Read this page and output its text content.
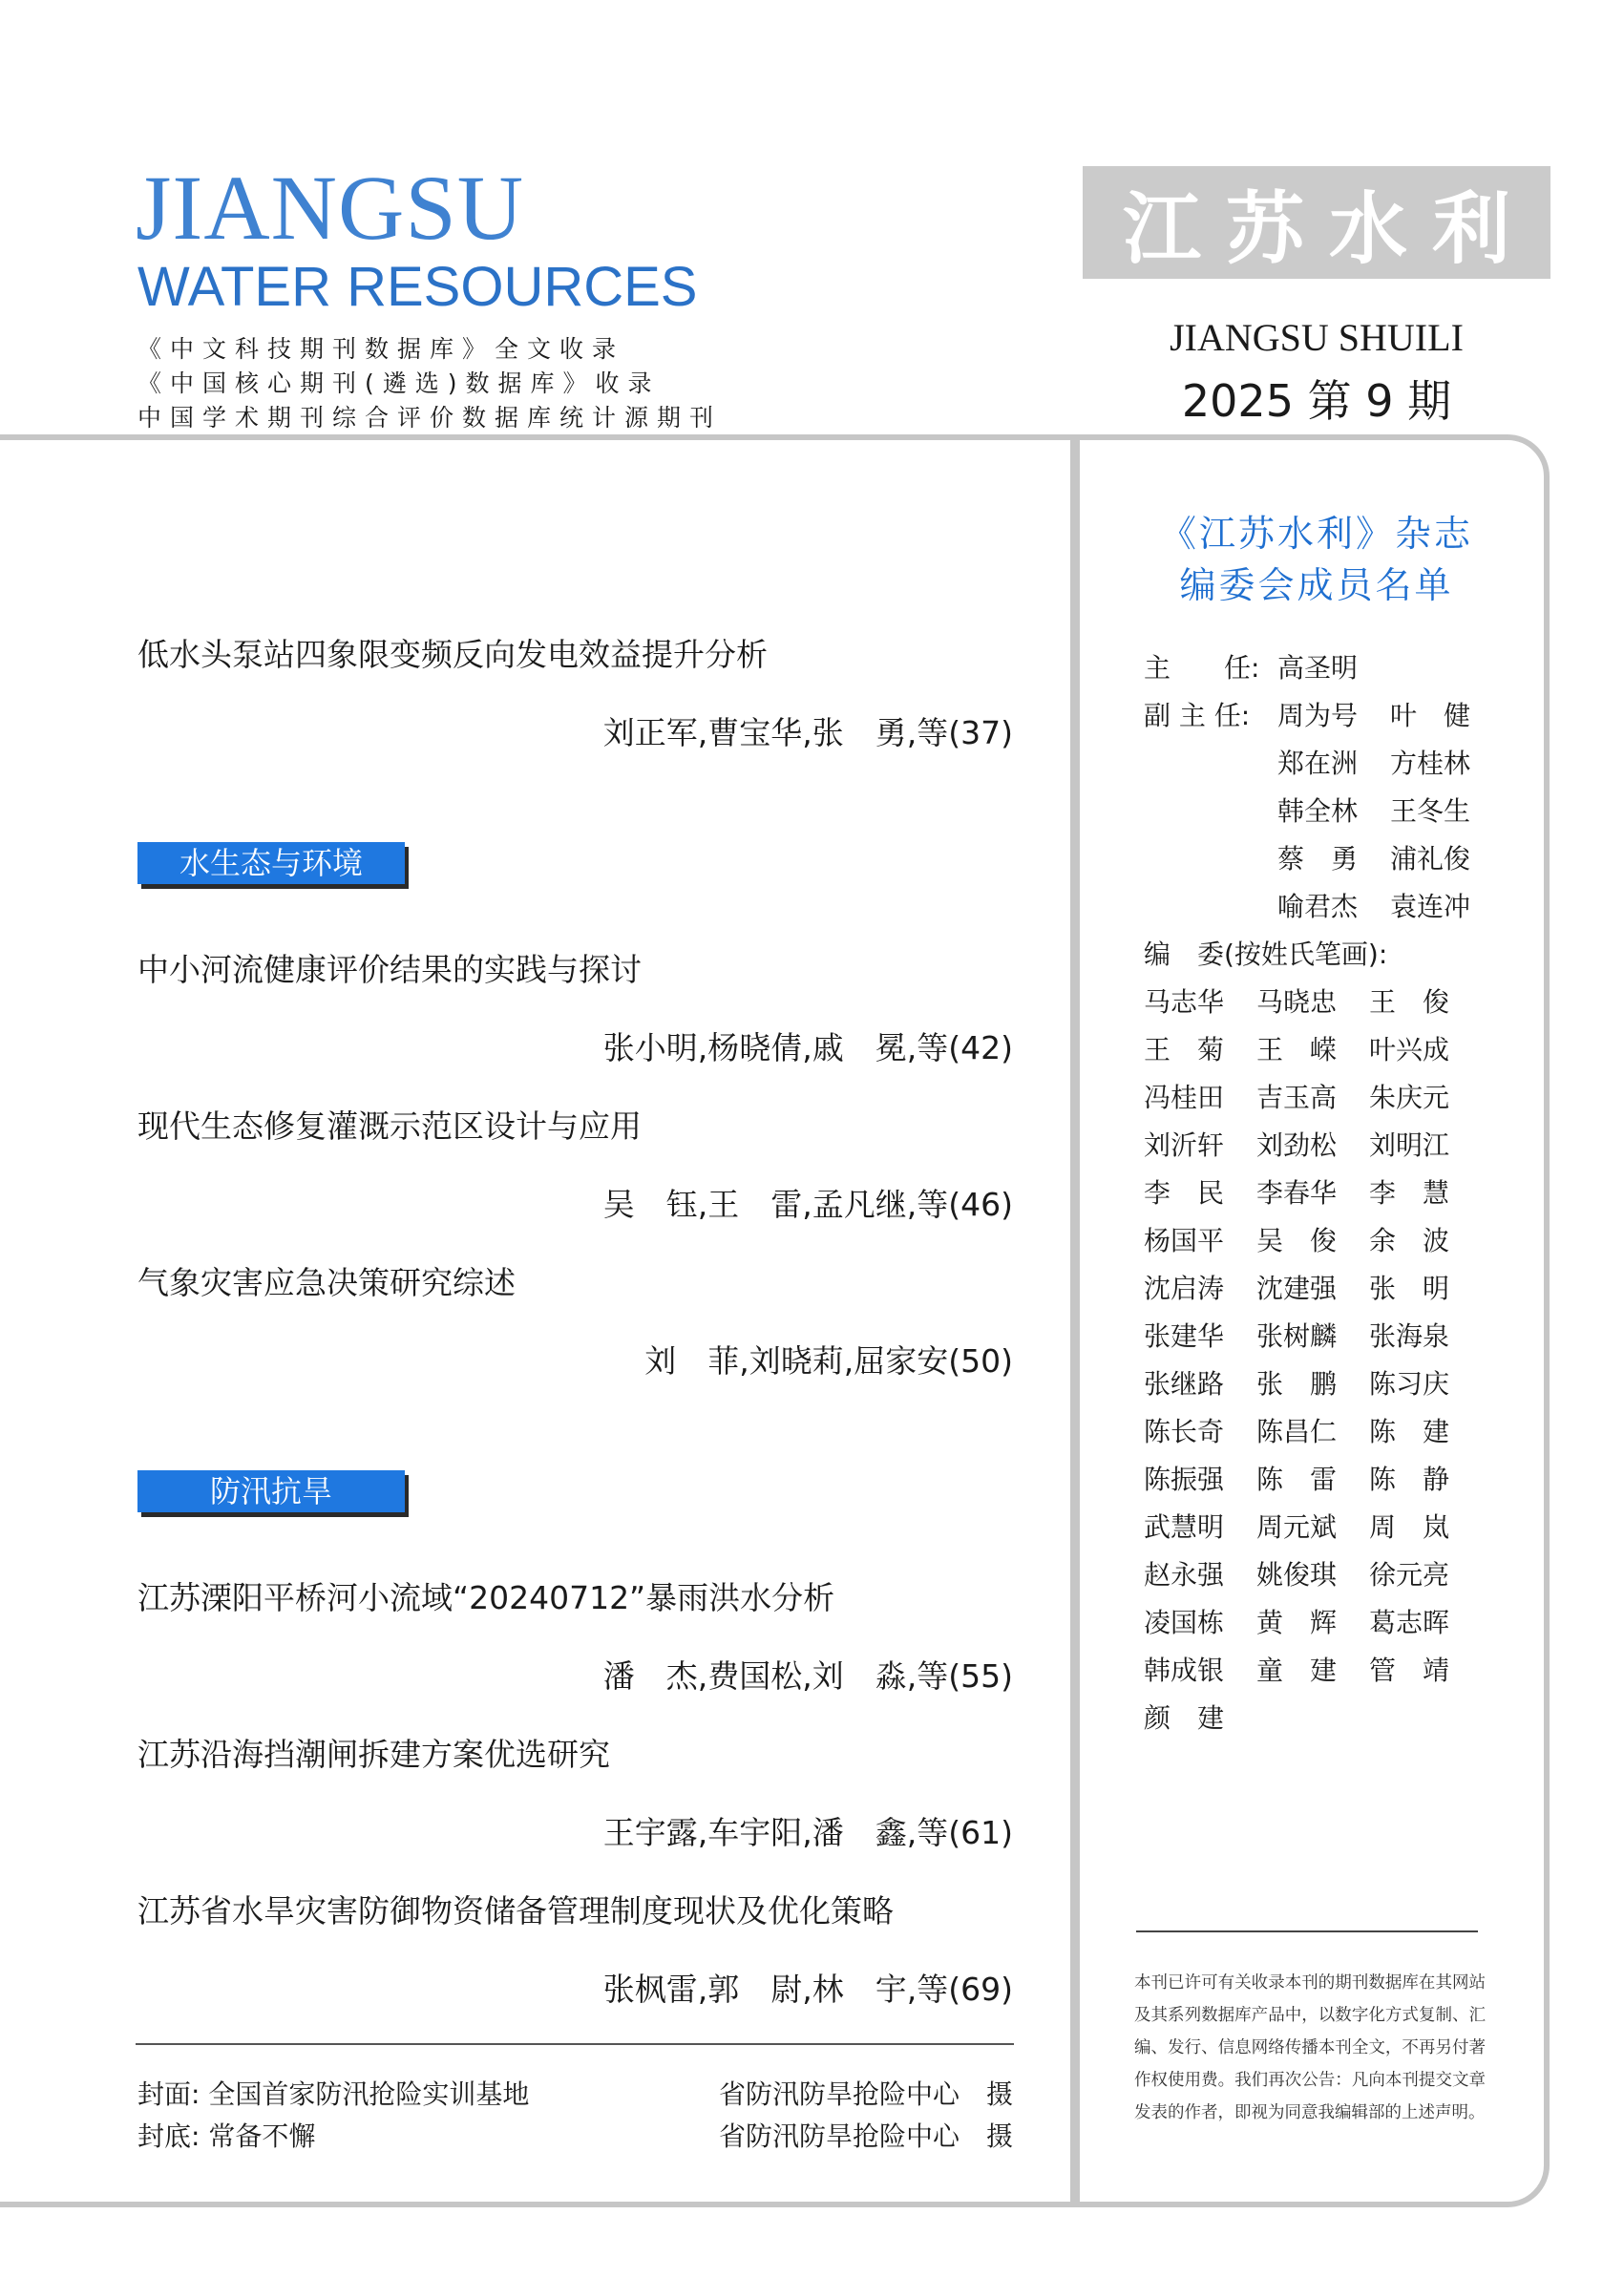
JIANGSU
WATER RESOURCES
《中文科技期刊数据库》全文收录
《中国核心期刊(遴选)数据库》收录
中国学术期刊综合评价数据库统计源期刊
江苏水利
JIANGSU SHUILI
2025 第 9 期
低水头泵站四象限变频反向发电效益提升分析
刘正军,曹宝华,张　勇,等(37)
水生态与环境
中小河流健康评价结果的实践与探讨
张小明,杨晓倩,戚　冕,等(42)
现代生态修复灌溉示范区设计与应用
吴　钰,王　雷,孟凡继,等(46)
气象灾害应急决策研究综述
刘　菲,刘晓莉,屈家安(50)
防汛抗旱
江苏溧阳平桥河小流域“20240712”暴雨洪水分析
潘　杰,费国松,刘　淼,等(55)
江苏沿海挡潮闸拆建方案优选研究
王宇露,车宇阳,潘　鑫,等(61)
江苏省水旱灾害防御物资储备管理制度现状及优化策略
张枫雷,郭　尉,林　宇,等(69)
封面: 全国首家防汛抢险实训基地	省防汛防旱抢险中心　摄
封底: 常备不懈	省防汛防旱抢险中心　摄
《江苏水利》杂志
编委会成员名单
主　　任: 高圣明
副 主 任: 周为号 叶　健
郑在洲 方桂林
韩全林 王冬生
蔡　勇 浦礼俊
喻君杰 袁连冲
编　委(按姓氏笔画):
马志华 马晓忠 王　俊
王　菊 王　嵘 叶兴成
冯桂田 吉玉高 朱庆元
刘沂轩 刘劲松 刘明江
李　民 李春华 李　慧
杨国平 吴　俊 余　波
沈启涛 沈建强 张　明
张建华 张树麟 张海泉
张继路 张　鹏 陈习庆
陈长奇 陈昌仁 陈　建
陈振强 陈　雷 陈　静
武慧明 周元斌 周　岚
赵永强 姚俊琪 徐元亮
凌国栋 黄　辉 葛志晖
韩成银 童　建 管　靖
颜　建
本刊已许可有关收录本刊的期刊数据库在其网站及其系列数据库产品中，以数字化方式复制、汇编、发行、信息网络传播本刊全文，不再另付著作权使用费。我们再次公告：凡向本刊提交文章发表的作者，即视为同意我编辑部的上述声明。
